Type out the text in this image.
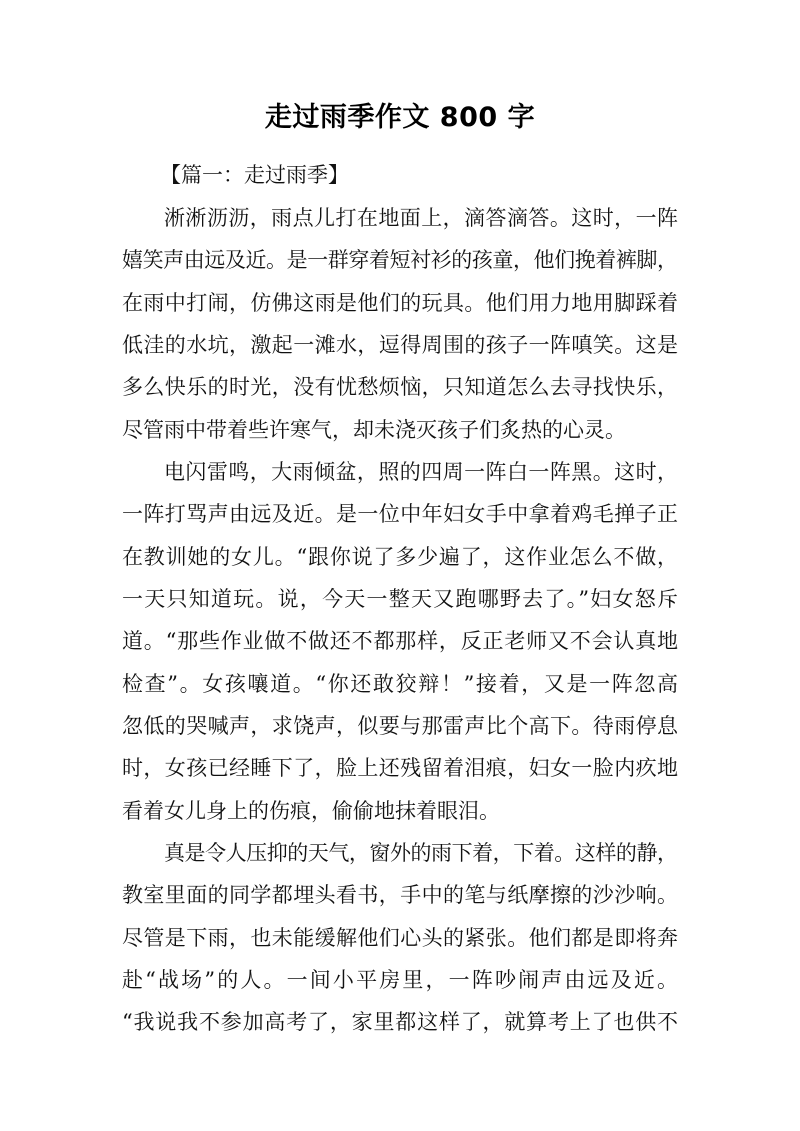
走过雨季作文 800 字
【篇一：走过雨季】
淅淅沥沥，雨点儿打在地面上，滴答滴答。这时，一阵
嬉笑声由远及近。是一群穿着短衬衫的孩童，他们挽着裤脚，
在雨中打闹，仿佛这雨是他们的玩具。他们用力地用脚踩着
低洼的水坑，激起一滩水，逗得周围的孩子一阵嗔笑。这是
多么快乐的时光，没有忧愁烦恼，只知道怎么去寻找快乐，
尽管雨中带着些许寒气，却未浇灭孩子们炙热的心灵。
电闪雷鸣，大雨倾盆，照的四周一阵白一阵黑。这时，
一阵打骂声由远及近。是一位中年妇女手中拿着鸡毛掸子正
在教训她的女儿。“跟你说了多少遍了，这作业怎么不做，
一天只知道玩。说，今天一整天又跑哪野去了。”妇女怒斥
道。“那些作业做不做还不都那样，反正老师又不会认真地
检查”。女孩嚷道。“你还敢狡辩！”接着，又是一阵忽高
忽低的哭喊声，求饶声，似要与那雷声比个高下。待雨停息
时，女孩已经睡下了，脸上还残留着泪痕，妇女一脸内疚地
看着女儿身上的伤痕，偷偷地抹着眼泪。
真是令人压抑的天气，窗外的雨下着，下着。这样的静，
教室里面的同学都埋头看书，手中的笔与纸摩擦的沙沙响。
尽管是下雨，也未能缓解他们心头的紧张。他们都是即将奔
赴“战场”的人。一间小平房里，一阵吵闹声由远及近。
“我说我不参加高考了，家里都这样了，就算考上了也供不
